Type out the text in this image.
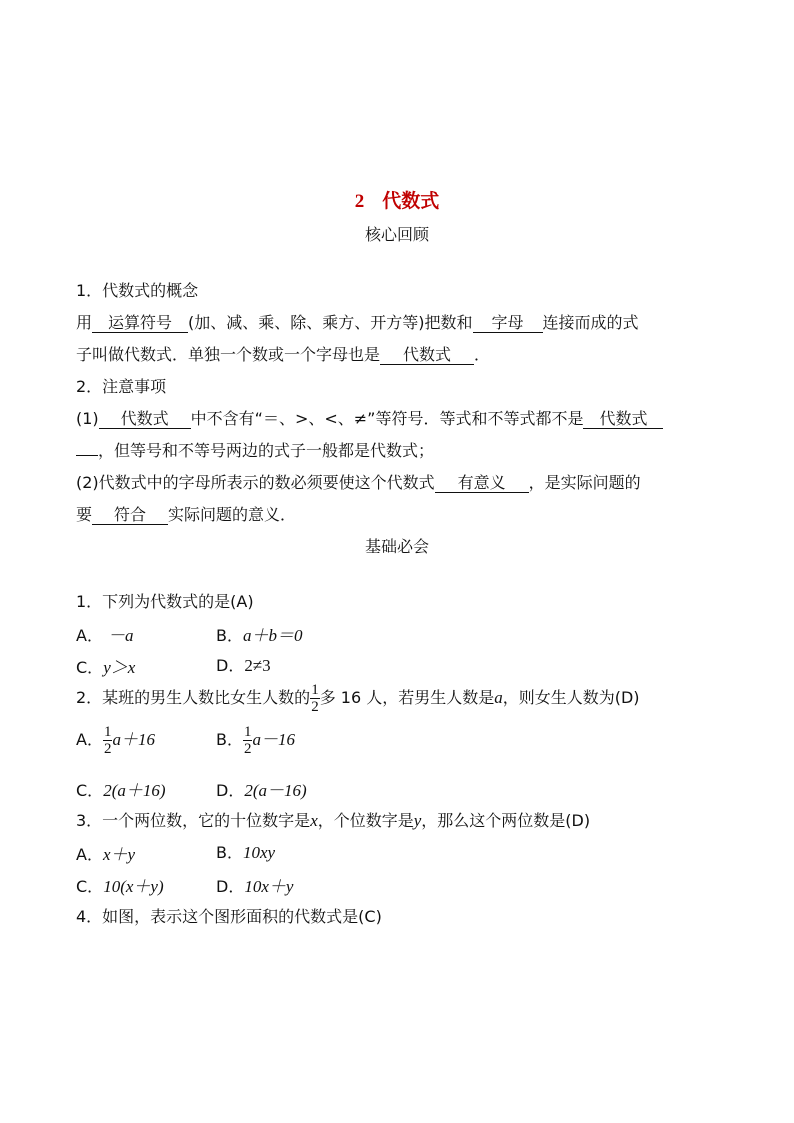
2 代数式
核心回顾
1．代数式的概念
用 运算符号 (加、减、乘、除、乘方、开方等)把数和 字母 连接而成的式
子叫做代数式．单独一个数或一个字母也是 代数式 ．
2．注意事项
(1) 代数式 中不含有“＝、>、<、≠”等符号．等式和不等式都不是 代数式
，但等号和不等号两边的式子一般都是代数式；
(2)代数式中的字母所表示的数必须要使这个代数式 有意义 ，是实际问题的
要 符合 实际问题的意义．
基础必会
1．下列为代数式的是(A)
A． －a	B．a＋b＝0
C．y＞x	D．2≠3
2．某班的男生人数比女生人数的 $\frac{1}{2}$ 多 16 人，若男生人数是a，则女生人数为(D)
A． $\frac{1}{2} a+16$	B． $\frac{1}{2} a-16$
C．2(a＋16)	D．2(a－16)
3．一个两位数，它的十位数字是x，个位数字是y，那么这个两位数是(D)
A．x＋y	B．10xy
C．10(x＋y)	D．10x＋y
4．如图，表示这个图形面积的代数式是(C)
